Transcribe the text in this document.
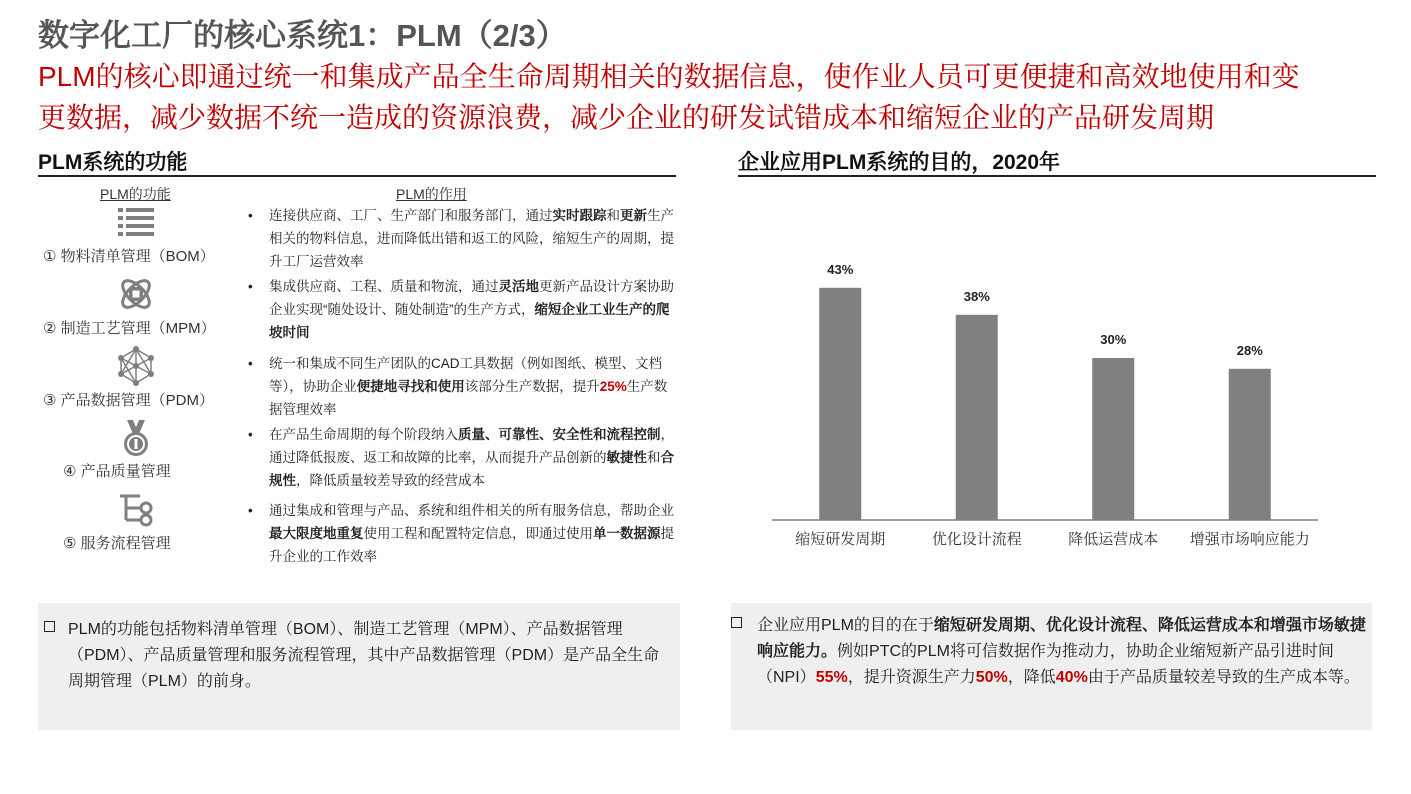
数字化工厂的核心系统1：PLM（2/3）
PLM的核心即通过统一和集成产品全生命周期相关的数据信息，使作业人员可更便捷和高效地使用和变
更数据，减少数据不统一造成的资源浪费，减少企业的研发试错成本和缩短企业的产品研发周期
PLM系统的功能
PLM的功能	PLM的作用
① 物料清单管理（BOM）
② 制造工艺管理（MPM）
③ 产品数据管理（PDM）
④ 产品质量管理
⑤ 服务流程管理
• 连接供应商、工厂、生产部门和服务部门，通过实时跟踪和更新生产相关的物料信息，进而降低出错和返工的风险，缩短生产的周期，提升工厂运营效率
• 集成供应商、工程、质量和物流，通过灵活地更新产品设计方案协助企业实现“随处设计、随处制造”的生产方式，缩短企业工业生产的爬坡时间
• 统一和集成不同生产团队的CAD工具数据（例如图纸、模型、文档等），协助企业便捷地寻找和使用该部分生产数据，提升25%生产数据管理效率
• 在产品生命周期的每个阶段纳入质量、可靠性、安全性和流程控制，通过降低报废、返工和故障的比率，从而提升产品创新的敏捷性和合规性，降低质量较差导致的经营成本
• 通过集成和管理与产品、系统和组件相关的所有服务信息，帮助企业最大限度地重复使用工程和配置特定信息，即通过使用单一数据源提升企业的工作效率
PLM的功能包括物料清单管理（BOM）、制造工艺管理（MPM）、产品数据管理（PDM）、产品质量管理和服务流程管理，其中产品数据管理（PDM）是产品全生命周期管理（PLM）的前身。
企业应用PLM系统的目的，2020年
43%
缩短研发周期
38%
优化设计流程
30%
降低运营成本
28%
增强市场响应能力
企业应用PLM的目的在于缩短研发周期、优化设计流程、降低运营成本和增强市场敏捷响应能力。例如PTC的PLM将可信数据作为推动力，协助企业缩短新产品引进时间（NPI）55%，提升资源生产力50%，降低40%由于产品质量较差导致的生产成本等。
